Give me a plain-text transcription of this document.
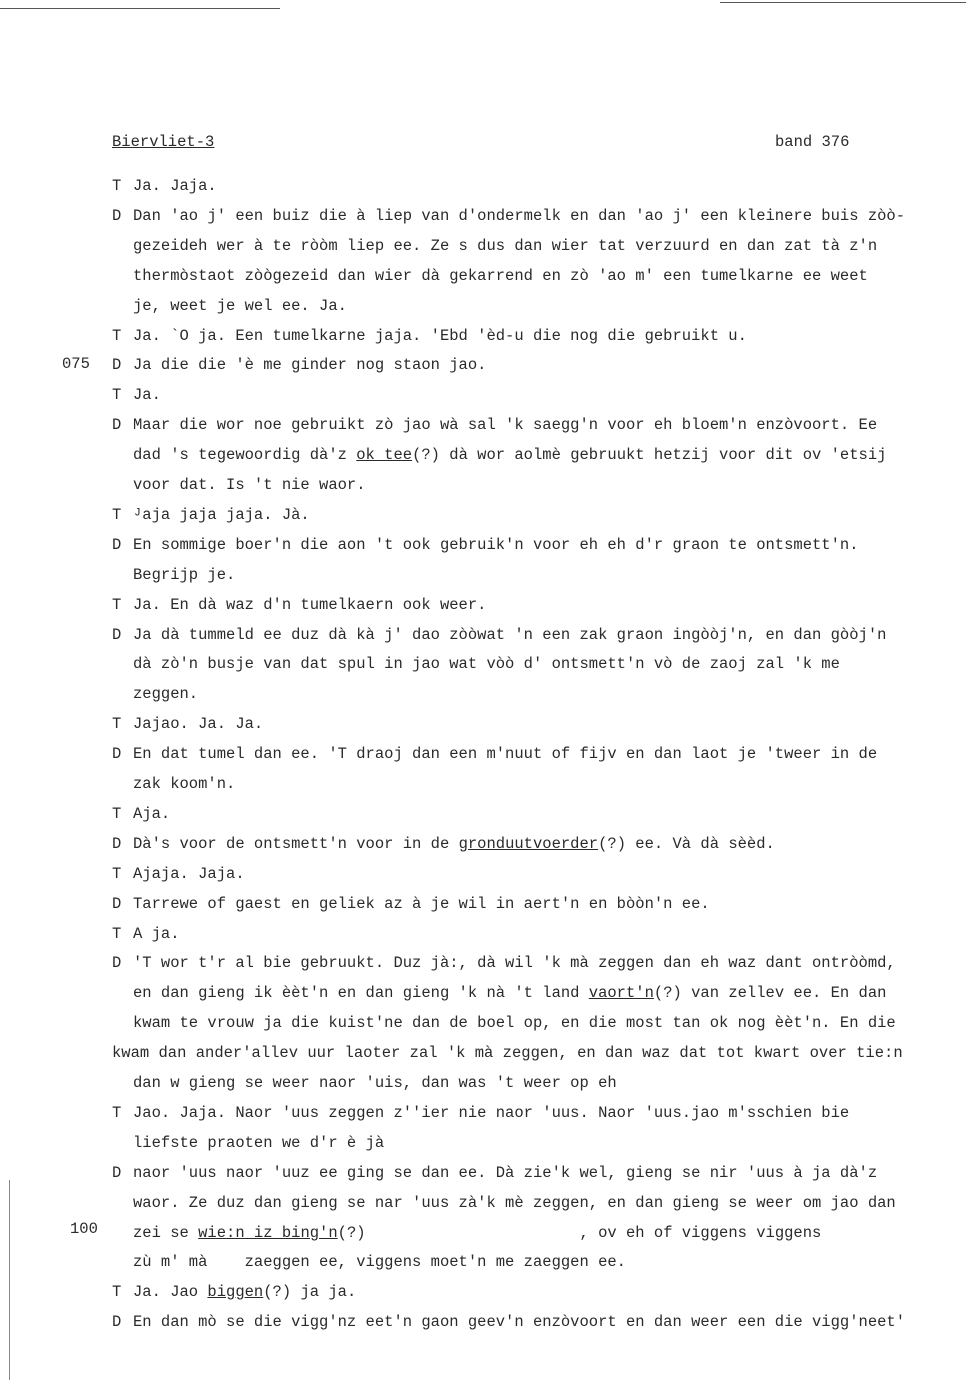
Biervliet-3	band 376
075
100
T Ja. Jaja.
D Dan 'ao j' een buiz die à liep van d'ondermelk en dan 'ao j' een kleinere buis zòò-
gezeideh wer à te ròòm liep ee. Ze s dus dan wier tat verzuurd en dan zat tà z'n
thermòstaot zòògezeid dan wier dà gekarrend en zò 'ao m' een tumelkarne ee weet
je, weet je wel ee. Ja.
T Ja. `O ja. Een tumelkarne jaja. 'Ebd 'èd-u die nog die gebruikt u.
D Ja die die 'è me ginder nog staon jao.
T Ja.
D Maar die wor noe gebruikt zò jao wà sal 'k saegg'n voor eh bloem'n enzòvoort. Ee
dad 's tegewoordig dà'z ok tee(?) dà wor aolmè gebruukt hetzij voor dit ov 'etsij
voor dat. Is 't nie waor.
T ᴶaja jaja jaja. Jà.
D En sommige boer'n die aon 't ook gebruik'n voor eh eh d'r graon te ontsmett'n.
Begrijp je.
T Ja. En dà waz d'n tumelkaern ook weer.
D Ja dà tummeld ee duz dà kà j' dao zòòwat 'n een zak graon ingòòj'n, en dan gòòj'n
dà zò'n busje van dat spul in jao wat vòò d' ontsmett'n vò de zaoj zal 'k me
zeggen.
T Jajao. Ja. Ja.
D En dat tumel dan ee. 'T draoj dan een m'nuut of fijv en dan laot je 'tweer in de
zak koom'n.
T Aja.
D Dà's voor de ontsmett'n voor in de gronduutvoerder(?) ee. Và dà sèèd.
T Ajaja. Jaja.
D Tarrewe of gaest en geliek az à je wil in aert'n en bòòn'n ee.
T A ja.
D 'T wor t'r al bie gebruukt. Duz jà:, dà wil 'k mà zeggen dan eh waz dant ontròòmd,
en dan gieng ik èèt'n en dan gieng 'k nà 't land vaort'n(?) van zellev ee. En dan
kwam te vrouw ja die kuist'ne dan de boel op, en die most tan ok nog èèt'n. En die
kwam dan ander'allev uur laoter zal 'k mà zeggen, en dan waz dat tot kwart over tie:n
dan w gieng se weer naor 'uis, dan was 't weer op eh
T Jao. Jaja. Naor 'uus zeggen z''ier nie naor 'uus. Naor 'uus.jao m'sschien bie
liefste praoten we d'r è jà
D naor 'uus naor 'uuz ee ging se dan ee. Dà zie'k wel, gieng se nir 'uus à ja dà'z
waor. Ze duz dan gieng se nar 'uus zà'k mè zeggen, en dan gieng se weer om jao dan
zei se wie:n iz bing'n(?)                       , ov eh of viggens viggens
zù m' mà    zaeggen ee, viggens moet'n me zaeggen ee.
T Ja. Jao biggen(?) ja ja.
D En dan mò se die vigg'nz eet'n gaon geev'n enzòvoort en dan weer een die vigg'neet'
